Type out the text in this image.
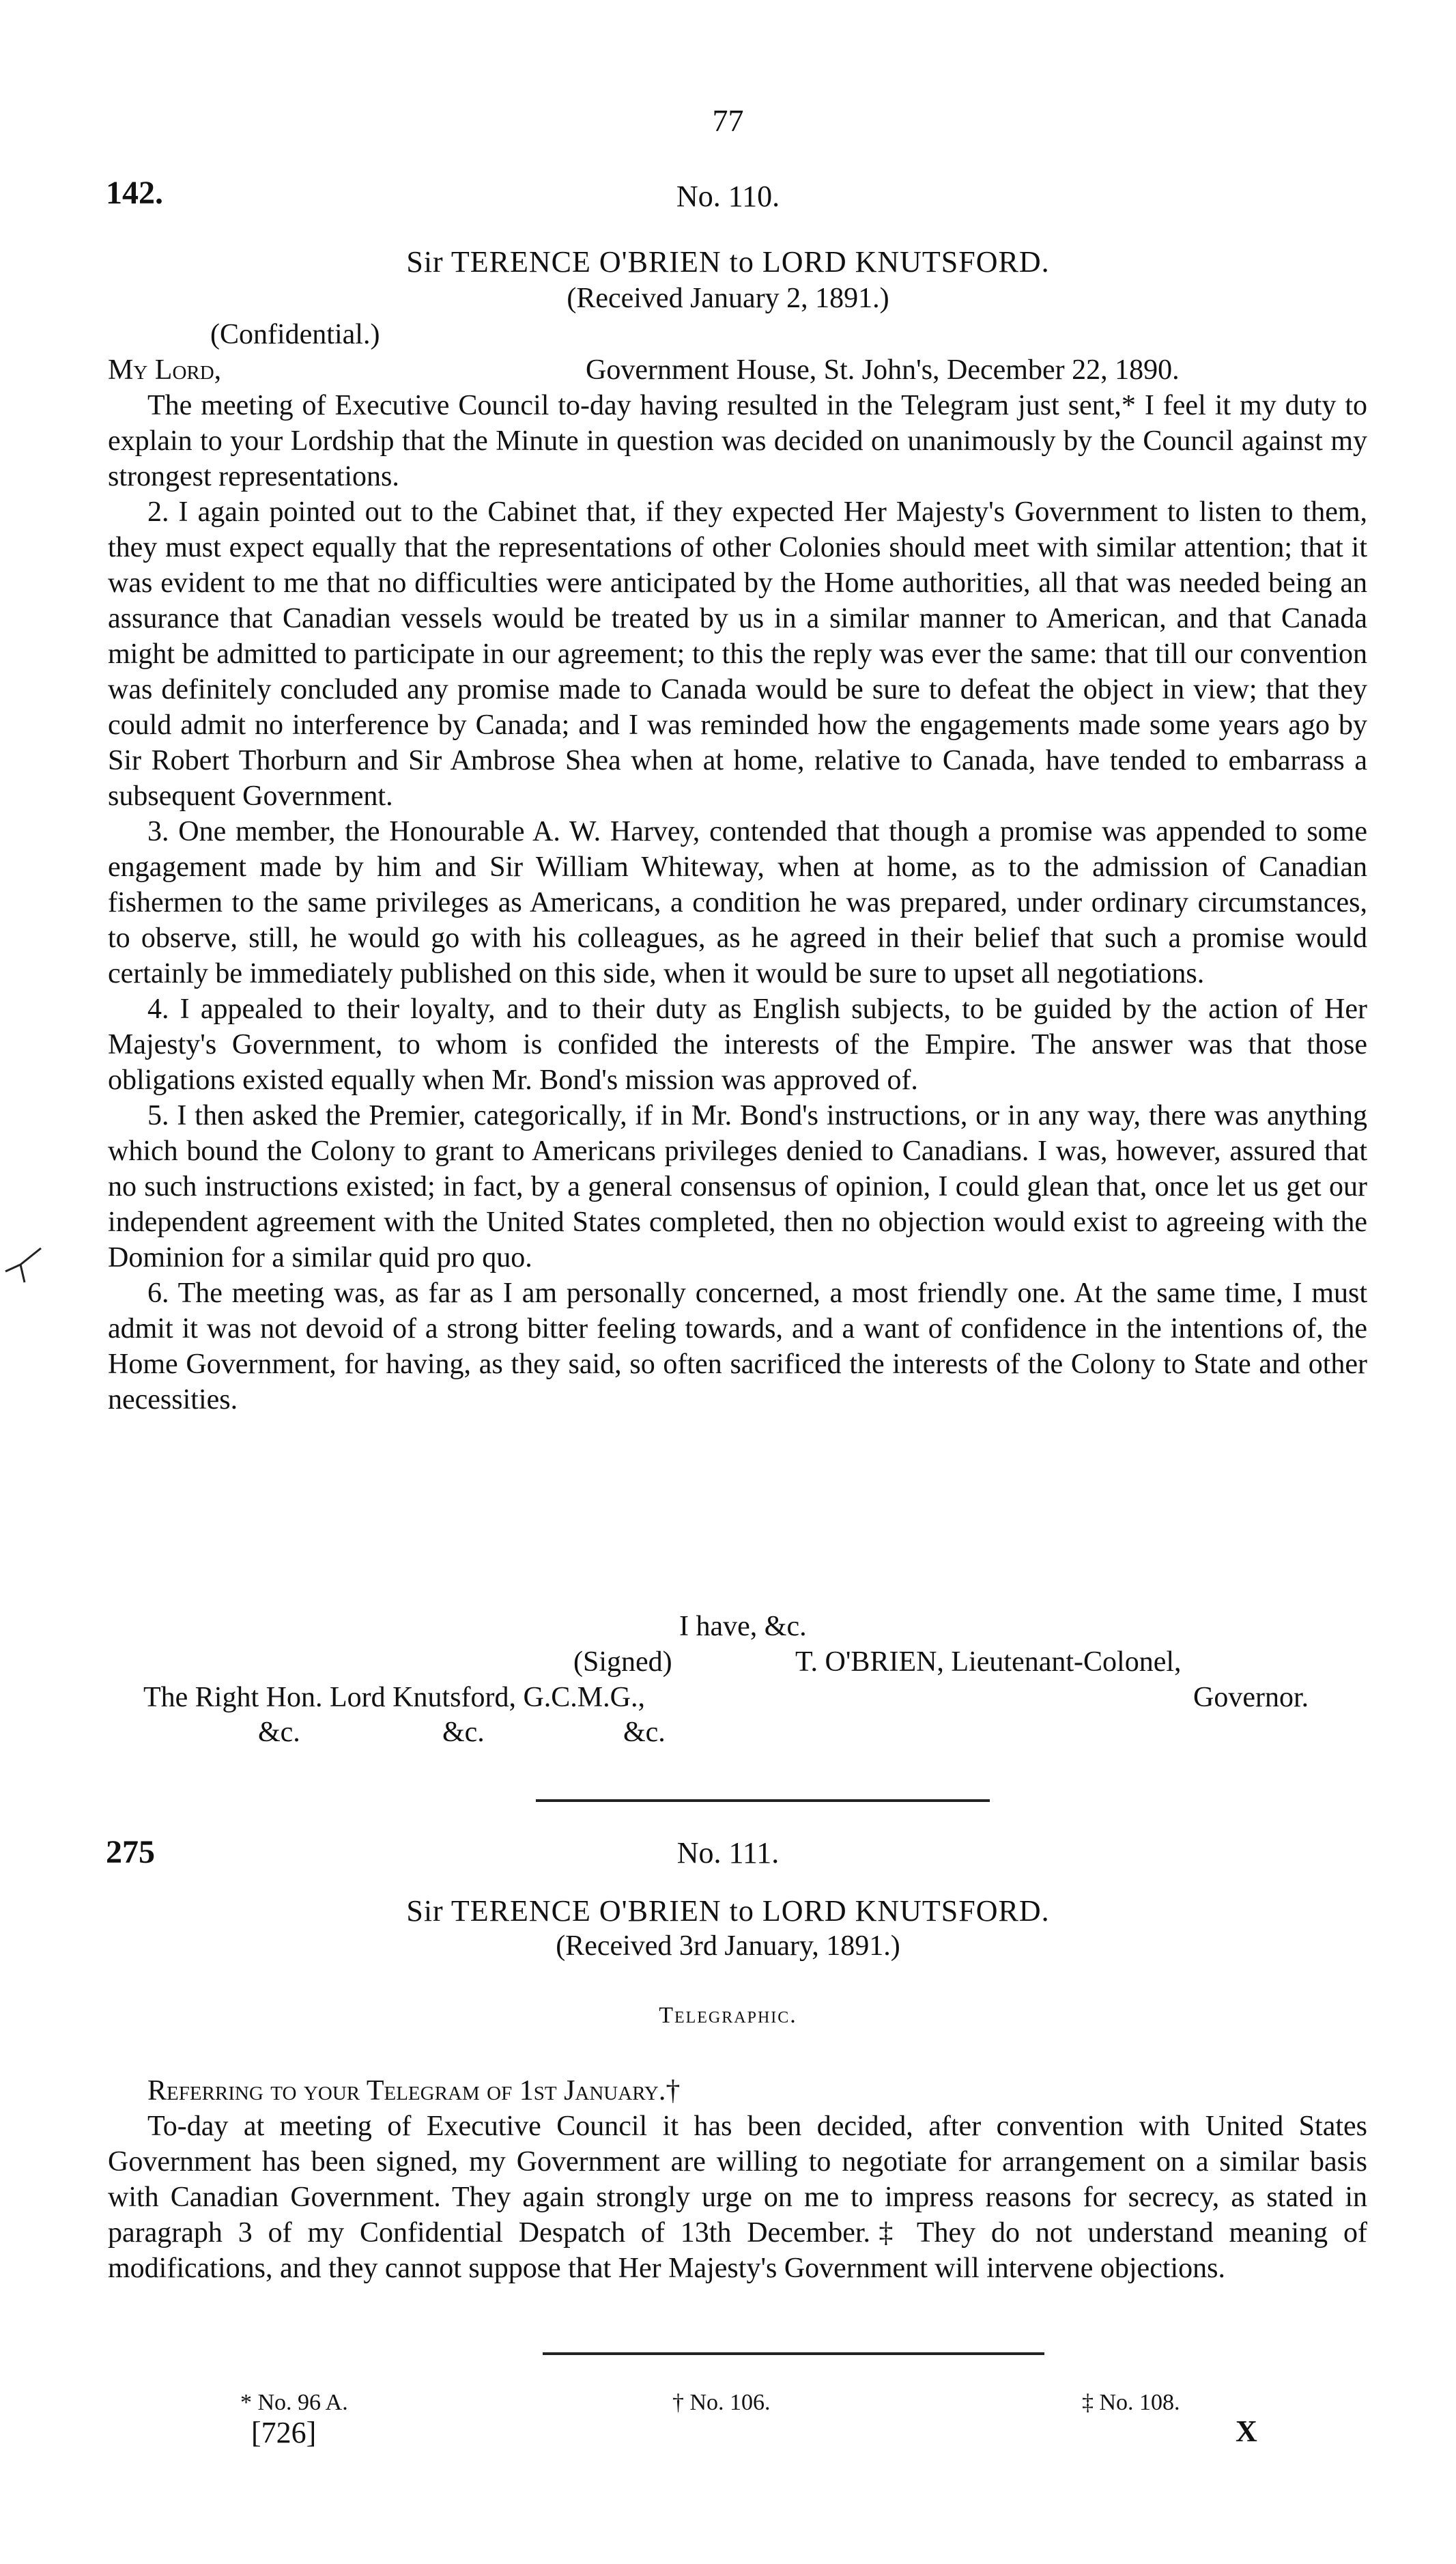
77
142.	No. 110.
Sir TERENCE O'BRIEN to LORD KNUTSFORD.
(Received January 2, 1891.)
(Confidential.)
My Lord,	Government House, St. John's, December 22, 1890.

The meeting of Executive Council to-day having resulted in the Telegram just sent,* I feel it my duty to explain to your Lordship that the Minute in question was decided on unanimously by the Council against my strongest representations.

2. I again pointed out to the Cabinet that, if they expected Her Majesty's Government to listen to them, they must expect equally that the representations of other Colonies should meet with similar attention; that it was evident to me that no difficulties were anticipated by the Home authorities, all that was needed being an assurance that Canadian vessels would be treated by us in a similar manner to American, and that Canada might be admitted to participate in our agreement; to this the reply was ever the same: that till our convention was definitely concluded any promise made to Canada would be sure to defeat the object in view; that they could admit no interference by Canada; and I was reminded how the engagements made some years ago by Sir Robert Thorburn and Sir Ambrose Shea when at home, relative to Canada, have tended to embarrass a subsequent Government.

3. One member, the Honourable A. W. Harvey, contended that though a promise was appended to some engagement made by him and Sir William Whiteway, when at home, as to the admission of Canadian fishermen to the same privileges as Americans, a condition he was prepared, under ordinary circumstances, to observe, still, he would go with his colleagues, as he agreed in their belief that such a promise would certainly be immediately published on this side, when it would be sure to upset all negotiations.

4. I appealed to their loyalty, and to their duty as English subjects, to be guided by the action of Her Majesty's Government, to whom is confided the interests of the Empire. The answer was that those obligations existed equally when Mr. Bond's mission was approved of.

5. I then asked the Premier, categorically, if in Mr. Bond's instructions, or in any way, there was anything which bound the Colony to grant to Americans privileges denied to Canadians. I was, however, assured that no such instructions existed; in fact, by a general consensus of opinion, I could glean that, once let us get our independent agreement with the United States completed, then no objection would exist to agreeing with the Dominion for a similar quid pro quo.

6. The meeting was, as far as I am personally concerned, a most friendly one. At the same time, I must admit it was not devoid of a strong bitter feeling towards, and a want of confidence in the intentions of, the Home Government, for having, as they said, so often sacrificed the interests of the Colony to State and other necessities.

I have, &c.
(Signed)	T. O'BRIEN, Lieutenant-Colonel,
The Right Hon. Lord Knutsford, G.C.M.G.,	Governor.
&c.	&c.	&c.
275	No. 111.
Sir TERENCE O'BRIEN to LORD KNUTSFORD.
(Received 3rd January, 1891.)
Telegraphic.

Referring to your Telegram of 1st January.†

To-day at meeting of Executive Council it has been decided, after convention with United States Government has been signed, my Government are willing to negotiate for arrangement on a similar basis with Canadian Government. They again strongly urge on me to impress reasons for secrecy, as stated in paragraph 3 of my Confidential Despatch of 13th December.‡ They do not understand meaning of modifications, and they cannot suppose that Her Majesty's Government will intervene objections.

* No. 96 A.	† No. 106.	‡ No. 108.
[726]	X
